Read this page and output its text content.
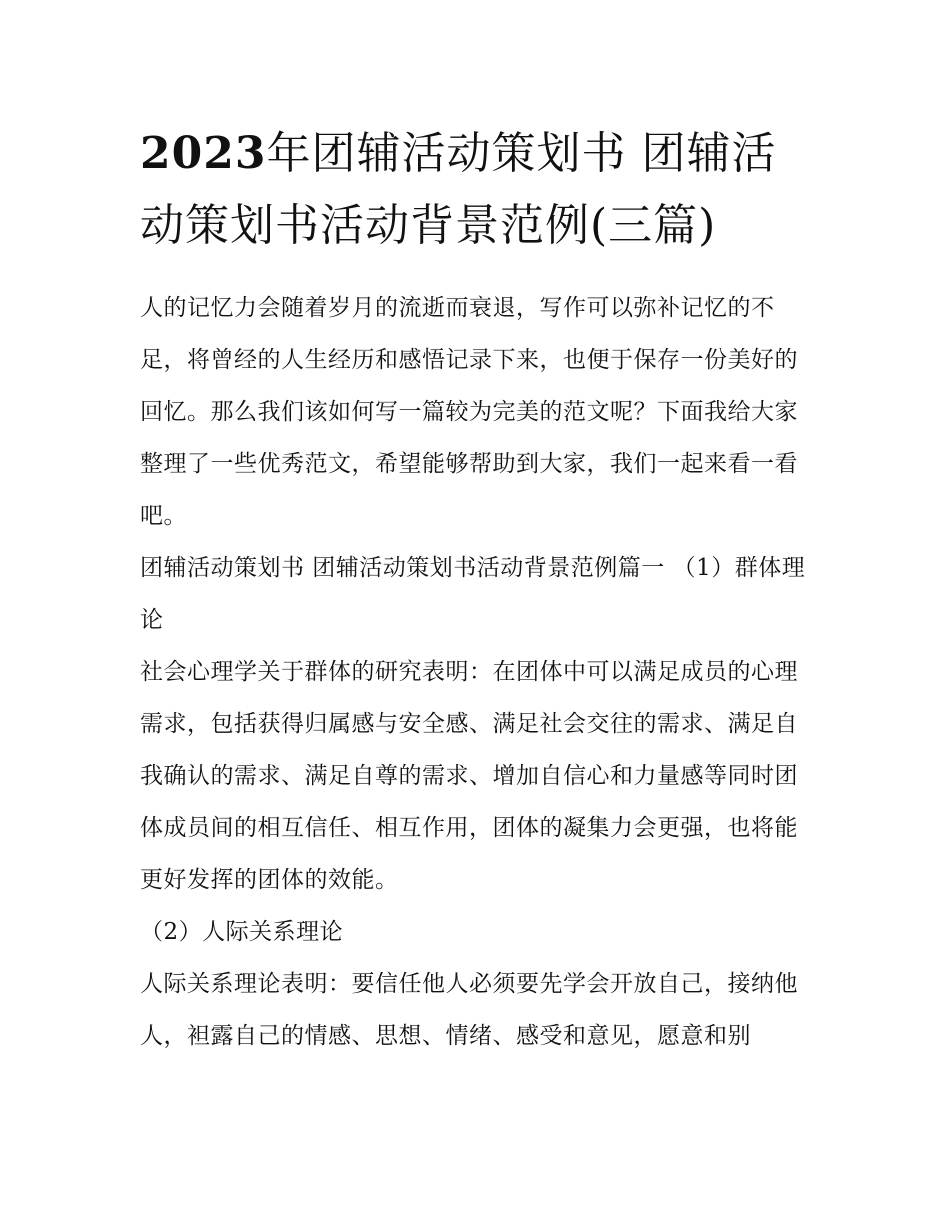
2023年团辅活动策划书 团辅活动策划书活动背景范例(三篇)

人的记忆力会随着岁月的流逝而衰退，写作可以弥补记忆的不足，将曾经的人生经历和感悟记录下来，也便于保存一份美好的回忆。那么我们该如何写一篇较为完美的范文呢？下面我给大家整理了一些优秀范文，希望能够帮助到大家，我们一起来看一看吧。

团辅活动策划书 团辅活动策划书活动背景范例篇一 （1）群体理论

社会心理学关于群体的研究表明：在团体中可以满足成员的心理需求，包括获得归属感与安全感、满足社会交往的需求、满足自我确认的需求、满足自尊的需求、增加自信心和力量感等同时团体成员间的相互信任、相互作用，团体的凝集力会更强，也将能更好发挥的团体的效能。

（2）人际关系理论

人际关系理论表明：要信任他人必须要先学会开放自己，接纳他人，袒露自己的情感、思想、情绪、感受和意见，愿意和别
